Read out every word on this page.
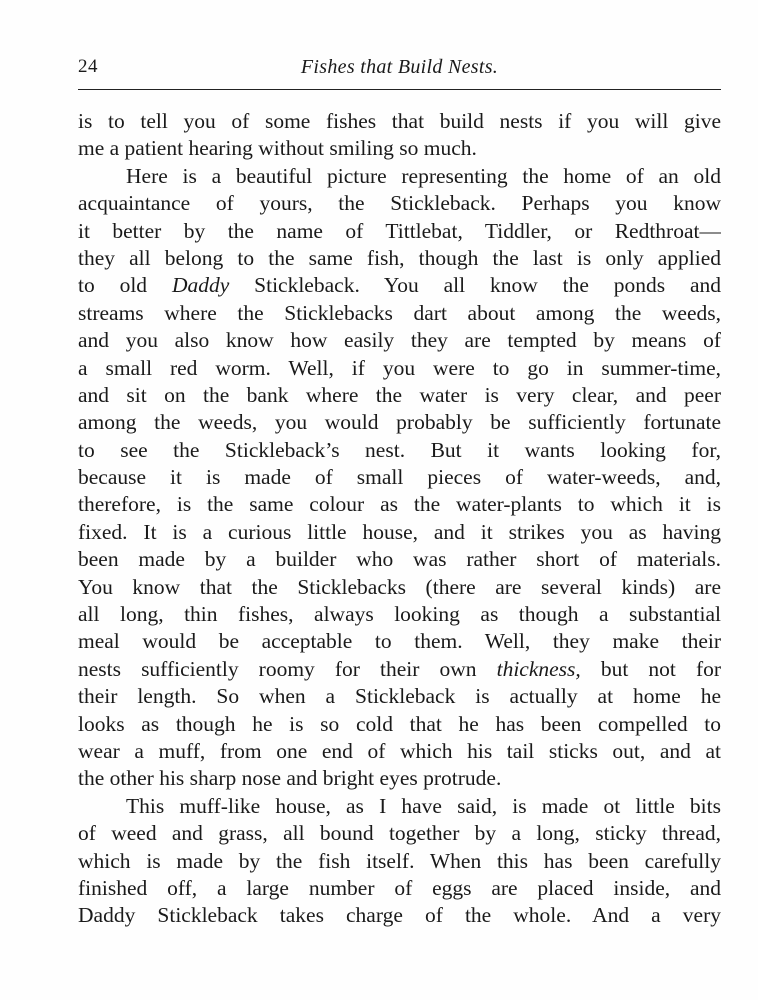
24	Fishes that Build Nests.
is to tell you of some fishes that build nests if you will give
me a patient hearing without smiling so much.
Here is a beautiful picture representing the home of an old
acquaintance of yours, the Stickleback. Perhaps you know
it better by the name of Tittlebat, Tiddler, or Redthroat—
they all belong to the same fish, though the last is only applied
to old Daddy Stickleback. You all know the ponds and
streams where the Sticklebacks dart about among the weeds,
and you also know how easily they are tempted by means of
a small red worm. Well, if you were to go in summer-time,
and sit on the bank where the water is very clear, and peer
among the weeds, you would probably be sufficiently fortunate
to see the Stickleback’s nest. But it wants looking for,
because it is made of small pieces of water-weeds, and,
therefore, is the same colour as the water-plants to which it is
fixed. It is a curious little house, and it strikes you as having
been made by a builder who was rather short of materials.
You know that the Sticklebacks (there are several kinds) are
all long, thin fishes, always looking as though a substantial
meal would be acceptable to them. Well, they make their
nests sufficiently roomy for their own thickness, but not for
their length. So when a Stickleback is actually at home he
looks as though he is so cold that he has been compelled to
wear a muff, from one end of which his tail sticks out, and at
the other his sharp nose and bright eyes protrude.
This muff-like house, as I have said, is made ot little bits
of weed and grass, all bound together by a long, sticky thread,
which is made by the fish itself. When this has been carefully
finished off, a large number of eggs are placed inside, and
Daddy Stickleback takes charge of the whole. And a very
